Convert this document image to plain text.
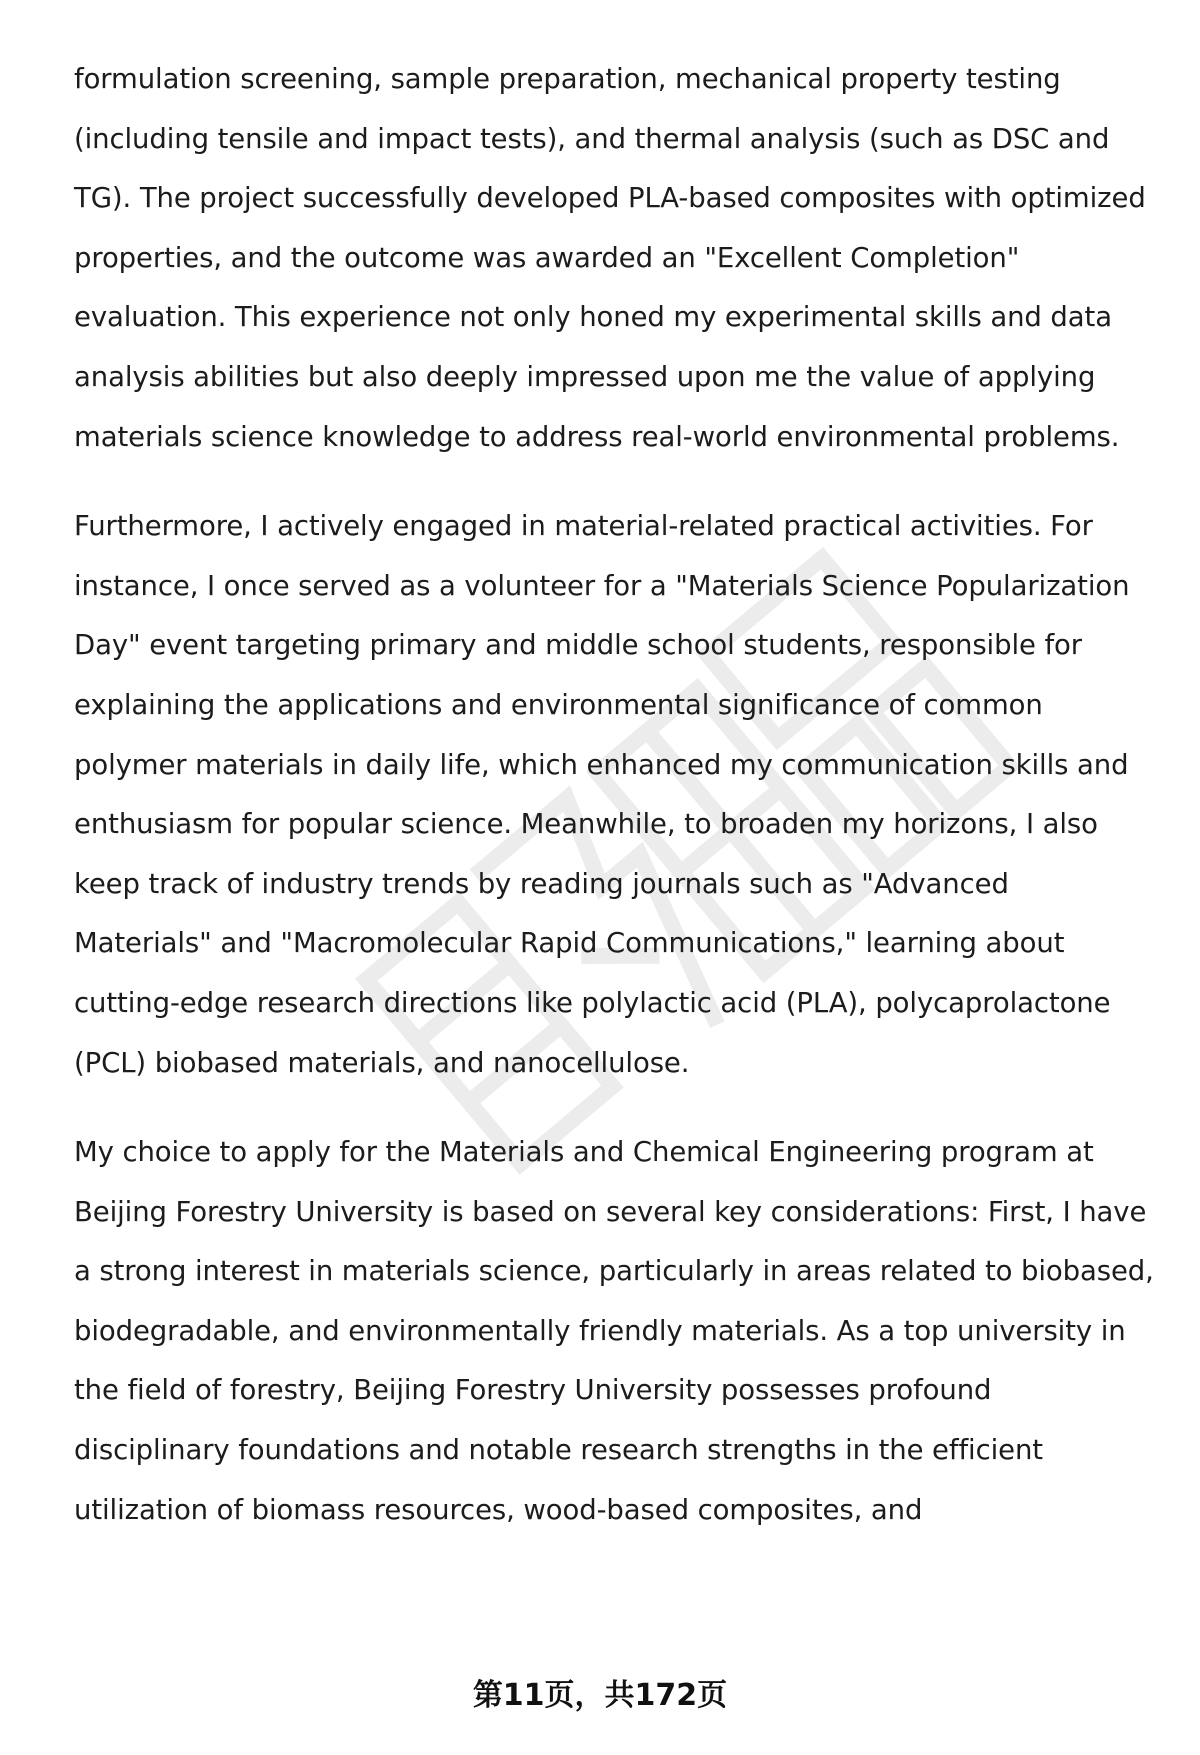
formulation screening, sample preparation, mechanical property testing (including tensile and impact tests), and thermal analysis (such as DSC and TG). The project successfully developed PLA-based composites with optimized properties, and the outcome was awarded an "Excellent Completion" evaluation. This experience not only honed my experimental skills and data analysis abilities but also deeply impressed upon me the value of applying materials science knowledge to address real-world environmental problems.

Furthermore, I actively engaged in material-related practical activities. For instance, I once served as a volunteer for a "Materials Science Popularization Day" event targeting primary and middle school students, responsible for explaining the applications and environmental significance of common polymer materials in daily life, which enhanced my communication skills and enthusiasm for popular science. Meanwhile, to broaden my horizons, I also keep track of industry trends by reading journals such as "Advanced Materials" and "Macromolecular Rapid Communications," learning about cutting-edge research directions like polylactic acid (PLA), polycaprolactone (PCL) biobased materials, and nanocellulose.

My choice to apply for the Materials and Chemical Engineering program at Beijing Forestry University is based on several key considerations: First, I have a strong interest in materials science, particularly in areas related to biobased, biodegradable, and environmentally friendly materials. As a top university in the field of forestry, Beijing Forestry University possesses profound disciplinary foundations and notable research strengths in the efficient utilization of biomass resources, wood-based composites, and

第11页，共172页
